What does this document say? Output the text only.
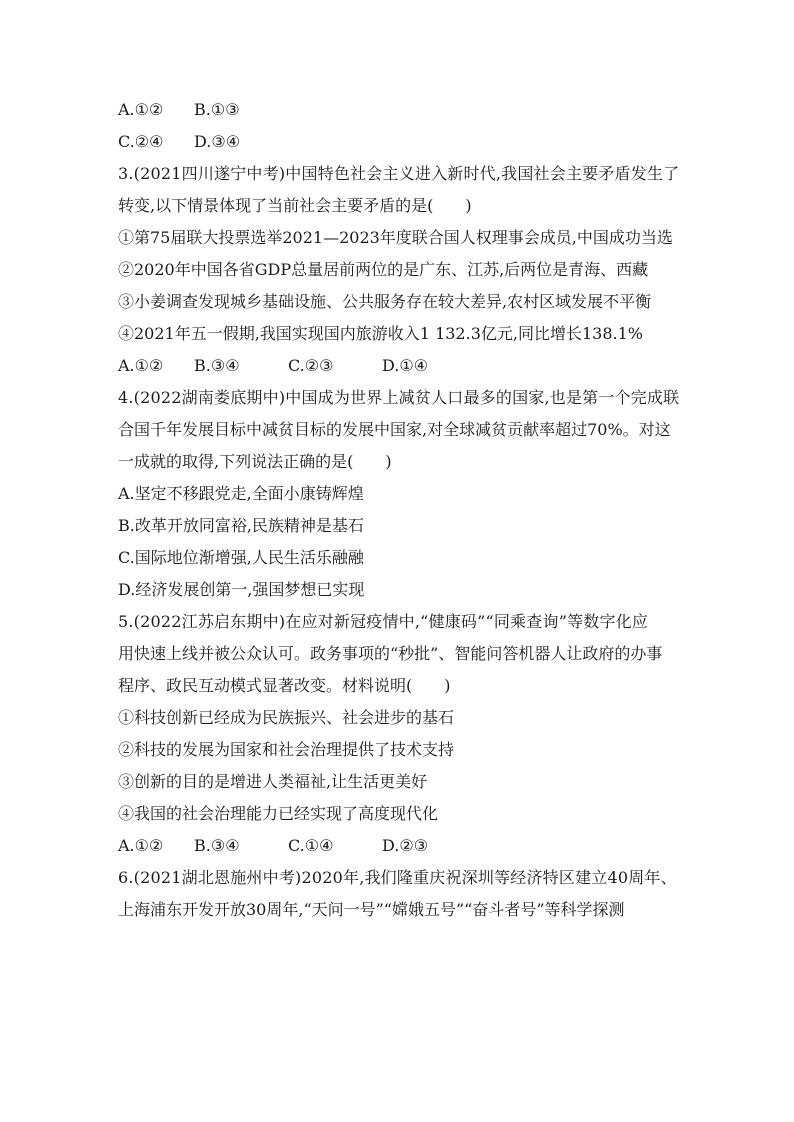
A.①②	B.①③
C.②④	D.③④
3.(2021四川遂宁中考)中国特色社会主义进入新时代,我国社会主要矛盾发生了
转变,以下情景体现了当前社会主要矛盾的是(　　)
①第75届联大投票选举2021—2023年度联合国人权理事会成员,中国成功当选
②2020年中国各省GDP总量居前两位的是广东、江苏,后两位是青海、西藏
③小姜调查发现城乡基础设施、公共服务存在较大差异,农村区域发展不平衡
④2021年五一假期,我国实现国内旅游收入1 132.3亿元,同比增长138.1%
A.①②	B.③④	C.②③	D.①④
4.(2022湖南娄底期中)中国成为世界上减贫人口最多的国家,也是第一个完成联
合国千年发展目标中减贫目标的发展中国家,对全球减贫贡献率超过70%。对这
一成就的取得,下列说法正确的是(　　)
A.坚定不移跟党走,全面小康铸辉煌
B.改革开放同富裕,民族精神是基石
C.国际地位渐增强,人民生活乐融融
D.经济发展创第一,强国梦想已实现
5.(2022江苏启东期中)在应对新冠疫情中,“健康码”“同乘查询”等数字化应
用快速上线并被公众认可。政务事项的“秒批”、智能问答机器人让政府的办事
程序、政民互动模式显著改变。材料说明(　　)
①科技创新已经成为民族振兴、社会进步的基石
②科技的发展为国家和社会治理提供了技术支持
③创新的目的是增进人类福祉,让生活更美好
④我国的社会治理能力已经实现了高度现代化
A.①②	B.③④	C.①④	D.②③
6.(2021湖北恩施州中考)2020年,我们隆重庆祝深圳等经济特区建立40周年、
上海浦东开发开放30周年,“天问一号”“嫦娥五号”“奋斗者号”等科学探测
